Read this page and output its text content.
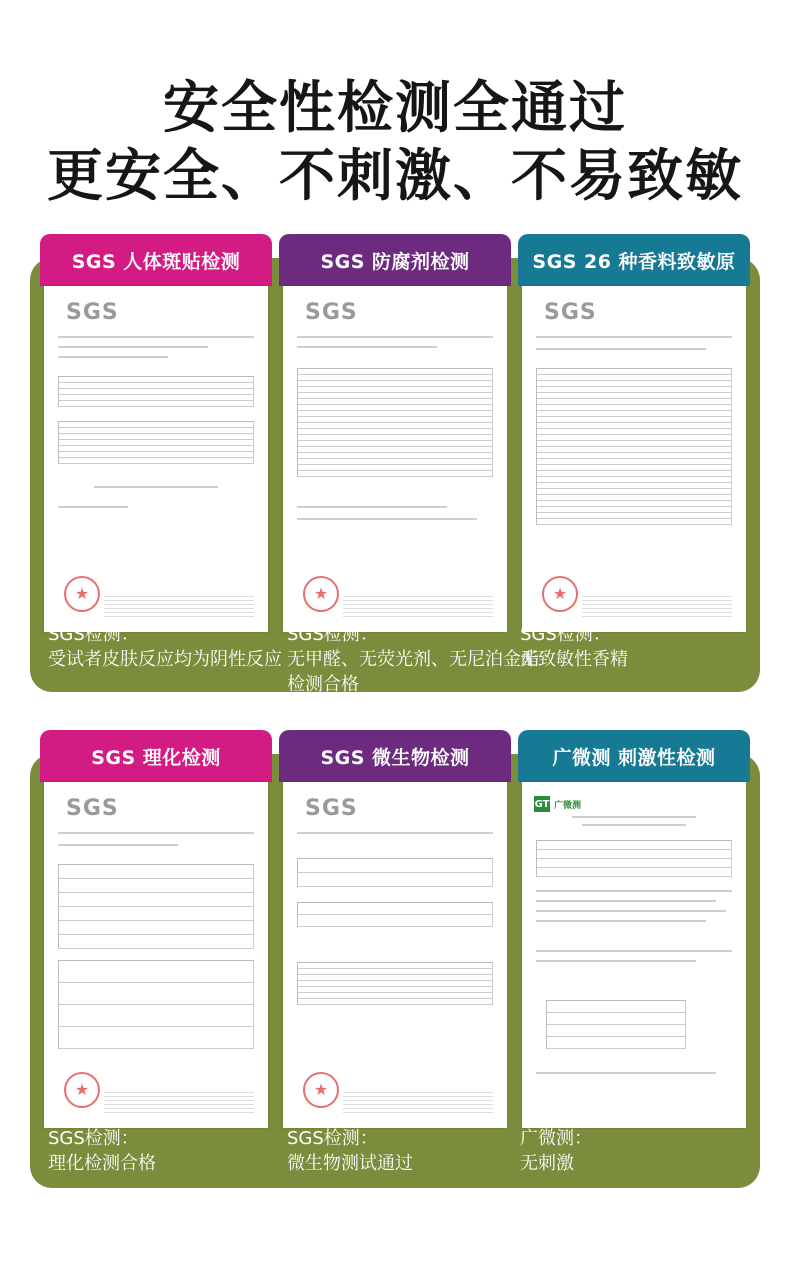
安全性检测全通过
更安全、不刺激、不易致敏
SGS 人体斑贴检测
SGS
★
SGS 防腐剂检测
SGS
★
SGS 26 种香料致敏原
SGS
★
SGS检测：
受试者皮肤反应均为阴性反应
SGS检测：
无甲醛、无荧光剂、无尼泊金酯
检测合格
SGS检测：
无致敏性香精
SGS 理化检测
SGS
★
SGS 微生物检测
SGS
★
广微测 刺激性检测
GT 广微测
SGS检测：
理化检测合格
SGS检测：
微生物测试通过
广微测：
无刺激
